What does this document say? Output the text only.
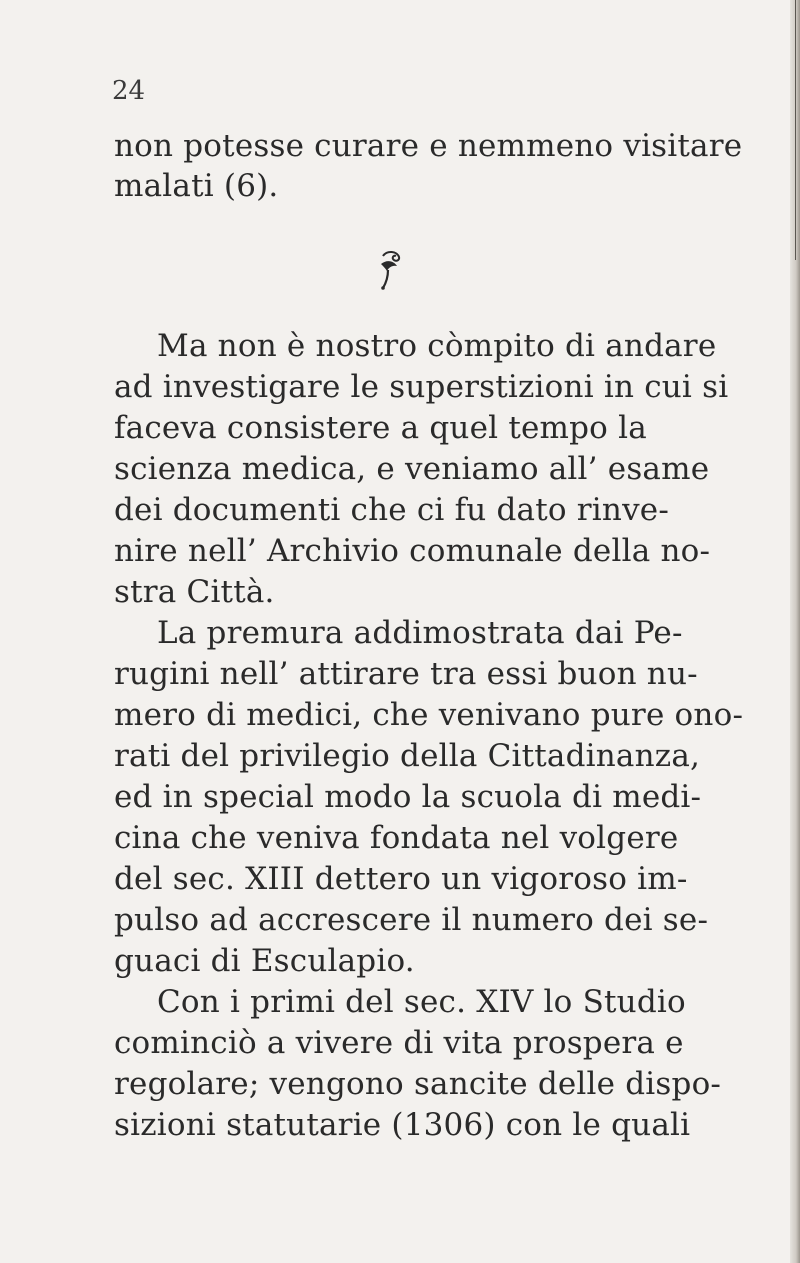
24
non potesse curare e nemmeno visitare
malati (6).
Ma non è nostro còmpito di andare
ad investigare le superstizioni in cui si
faceva consistere a quel tempo la
scienza medica, e veniamo all’ esame
dei documenti che ci fu dato rinve-
nire nell’ Archivio comunale della no-
stra Città.
La premura addimostrata dai Pe-
rugini nell’ attirare tra essi buon nu-
mero di medici, che venivano pure ono-
rati del privilegio della Cittadinanza,
ed in special modo la scuola di medi-
cina che veniva fondata nel volgere
del sec. XIII dettero un vigoroso im-
pulso ad accrescere il numero dei se-
guaci di Esculapio.
Con i primi del sec. XIV lo Studio
cominciò a vivere di vita prospera e
regolare; vengono sancite delle dispo-
sizioni statutarie (1306) con le quali
